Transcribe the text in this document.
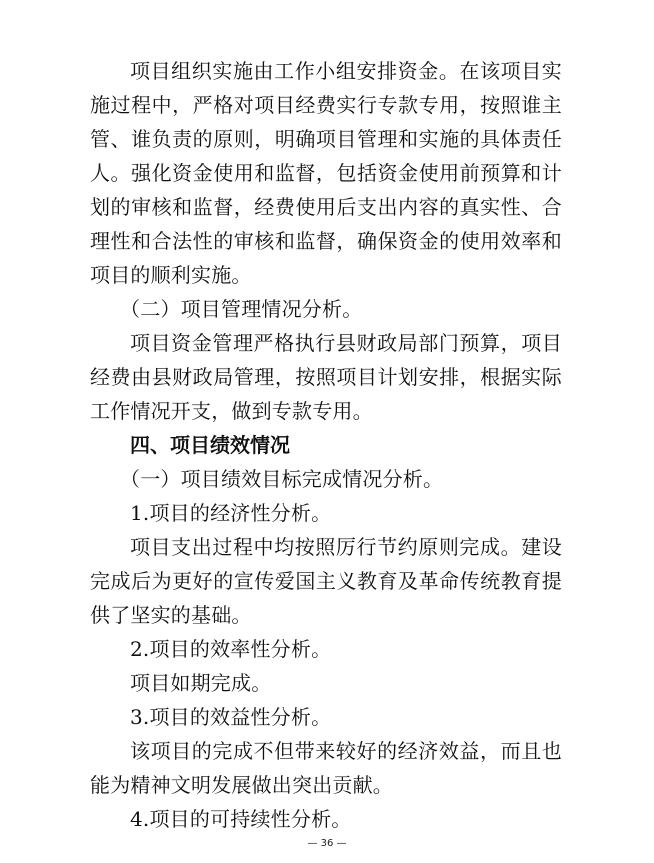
项目组织实施由工作小组安排资金。在该项目实施过程中，严格对项目经费实行专款专用，按照谁主管、谁负责的原则，明确项目管理和实施的具体责任人。强化资金使用和监督，包括资金使用前预算和计划的审核和监督，经费使用后支出内容的真实性、合理性和合法性的审核和监督，确保资金的使用效率和项目的顺利实施。

（二）项目管理情况分析。

项目资金管理严格执行县财政局部门预算，项目经费由县财政局管理，按照项目计划安排，根据实际工作情况开支，做到专款专用。

四、项目绩效情况

（一）项目绩效目标完成情况分析。

1.项目的经济性分析。

项目支出过程中均按照厉行节约原则完成。建设完成后为更好的宣传爱国主义教育及革命传统教育提供了坚实的基础。

2.项目的效率性分析。

项目如期完成。

3.项目的效益性分析。

该项目的完成不但带来较好的经济效益，而且也能为精神文明发展做出突出贡献。

4.项目的可持续性分析。

— 36 —
